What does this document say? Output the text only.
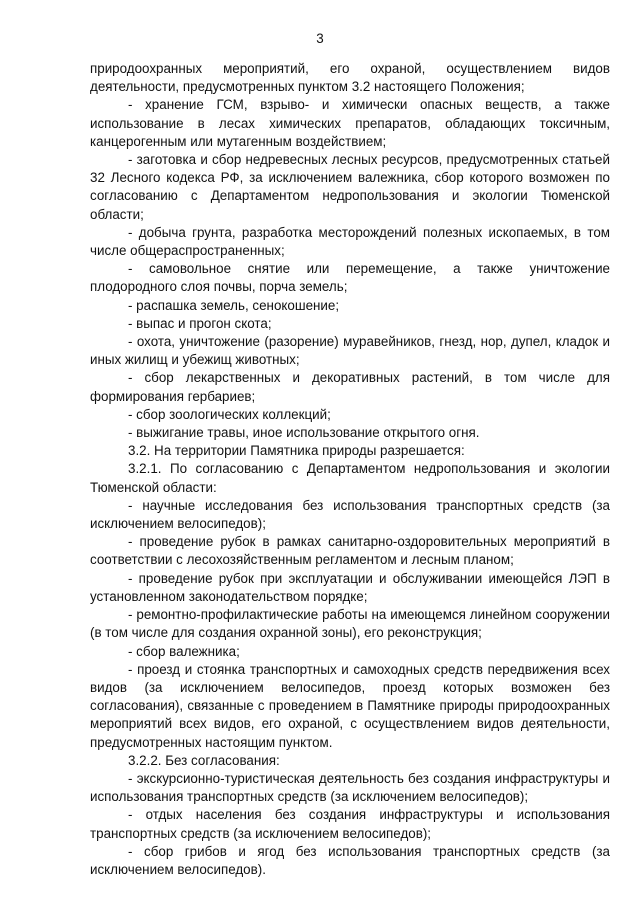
3

природоохранных мероприятий, его охраной, осуществлением видов деятельности, предусмотренных пунктом 3.2 настоящего Положения;

- хранение ГСМ, взрыво- и химически опасных веществ, а также использование в лесах химических препаратов, обладающих токсичным, канцерогенным или мутагенным воздействием;

- заготовка и сбор недревесных лесных ресурсов, предусмотренных статьей 32 Лесного кодекса РФ, за исключением валежника, сбор которого возможен по согласованию с Департаментом недропользования и экологии Тюменской области;

- добыча грунта, разработка месторождений полезных ископаемых, в том числе общераспространенных;

- самовольное снятие или перемещение, а также уничтожение плодородного слоя почвы, порча земель;

- распашка земель, сенокошение;

- выпас и прогон скота;

- охота, уничтожение (разорение) муравейников, гнезд, нор, дупел, кладок и иных жилищ и убежищ животных;

- сбор лекарственных и декоративных растений, в том числе для формирования гербариев;

- сбор зоологических коллекций;

- выжигание травы, иное использование открытого огня.

3.2. На территории Памятника природы разрешается:

3.2.1. По согласованию с Департаментом недропользования и экологии Тюменской области:

- научные исследования без использования транспортных средств (за исключением велосипедов);

- проведение рубок в рамках санитарно-оздоровительных мероприятий в соответствии с лесохозяйственным регламентом и лесным планом;

- проведение рубок при эксплуатации и обслуживании имеющейся ЛЭП в установленном законодательством порядке;

- ремонтно-профилактические работы на имеющемся линейном сооружении (в том числе для создания охранной зоны), его реконструкция;

- сбор валежника;

- проезд и стоянка транспортных и самоходных средств передвижения всех видов (за исключением велосипедов, проезд которых возможен без согласования), связанные с проведением в Памятнике природы природоохранных мероприятий всех видов, его охраной, с осуществлением видов деятельности, предусмотренных настоящим пунктом.

3.2.2. Без согласования:

- экскурсионно-туристическая деятельность без создания инфраструктуры и использования транспортных средств (за исключением велосипедов);

- отдых населения без создания инфраструктуры и использования транспортных средств (за исключением велосипедов);

- сбор грибов и ягод без использования транспортных средств (за исключением велосипедов).
